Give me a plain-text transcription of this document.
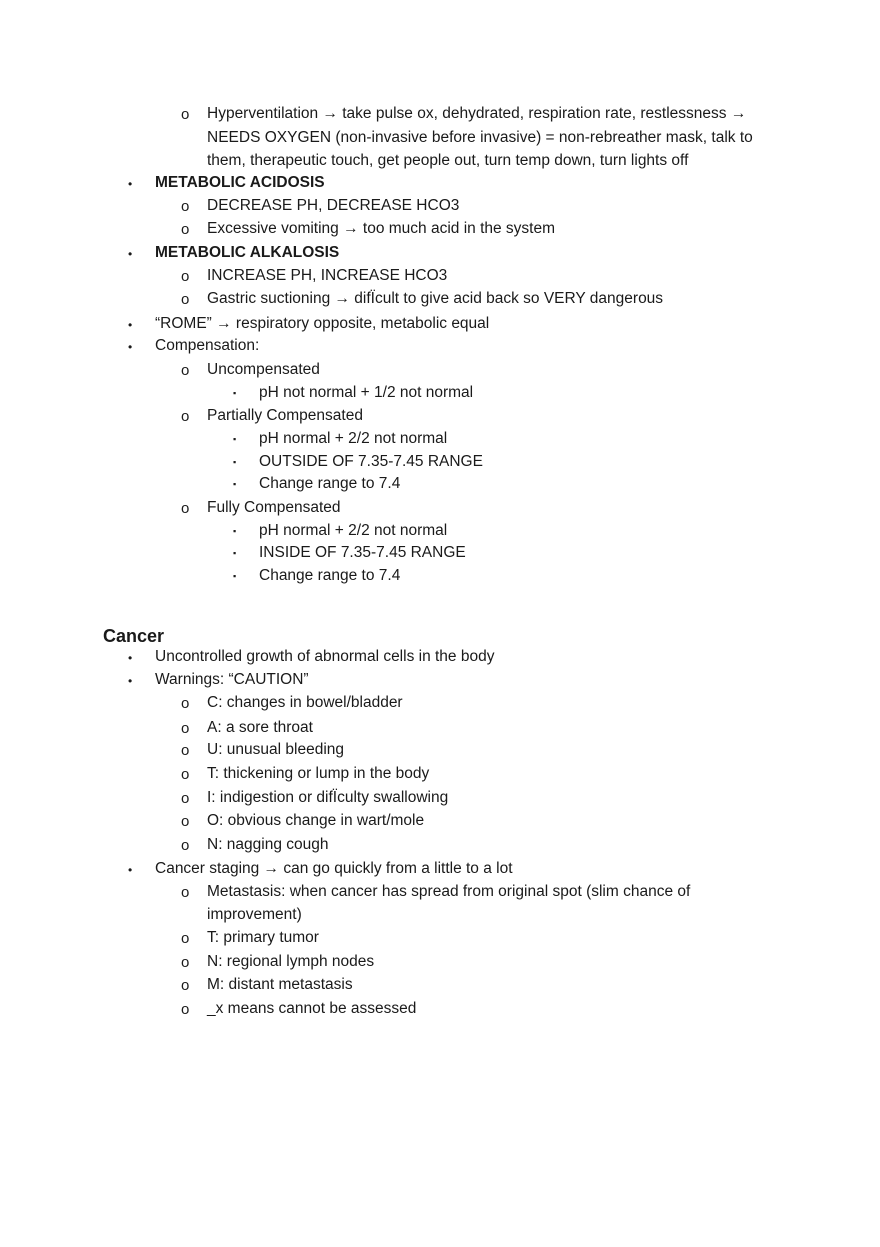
o Hyperventilation → take pulse ox, dehydrated, respiration rate, restlessness →
NEEDS OXYGEN (non-invasive before invasive) = non-rebreather mask, talk to
them, therapeutic touch, get people out, turn temp down, turn lights off
• METABOLIC ACIDOSIS
o DECREASE PH, DECREASE HCO3
o Excessive vomiting → too much acid in the system
• METABOLIC ALKALOSIS
o INCREASE PH, INCREASE HCO3
o Gastric suctioning → difÏcult to give acid back so VERY dangerous
• “ROME” → respiratory opposite, metabolic equal
• Compensation:
o Uncompensated
▪ pH not normal + 1/2 not normal
o Partially Compensated
▪ pH normal + 2/2 not normal
▪ OUTSIDE OF 7.35-7.45 RANGE
▪ Change range to 7.4
o Fully Compensated
▪ pH normal + 2/2 not normal
▪ INSIDE OF 7.35-7.45 RANGE
▪ Change range to 7.4
Cancer
• Uncontrolled growth of abnormal cells in the body
• Warnings: “CAUTION”
o C: changes in bowel/bladder
o A: a sore throat
o U: unusual bleeding
o T: thickening or lump in the body
o I: indigestion or difÏculty swallowing
o O: obvious change in wart/mole
o N: nagging cough
• Cancer staging → can go quickly from a little to a lot
o Metastasis: when cancer has spread from original spot (slim chance of
improvement)
o T: primary tumor
o N: regional lymph nodes
o M: distant metastasis
o _x means cannot be assessed
